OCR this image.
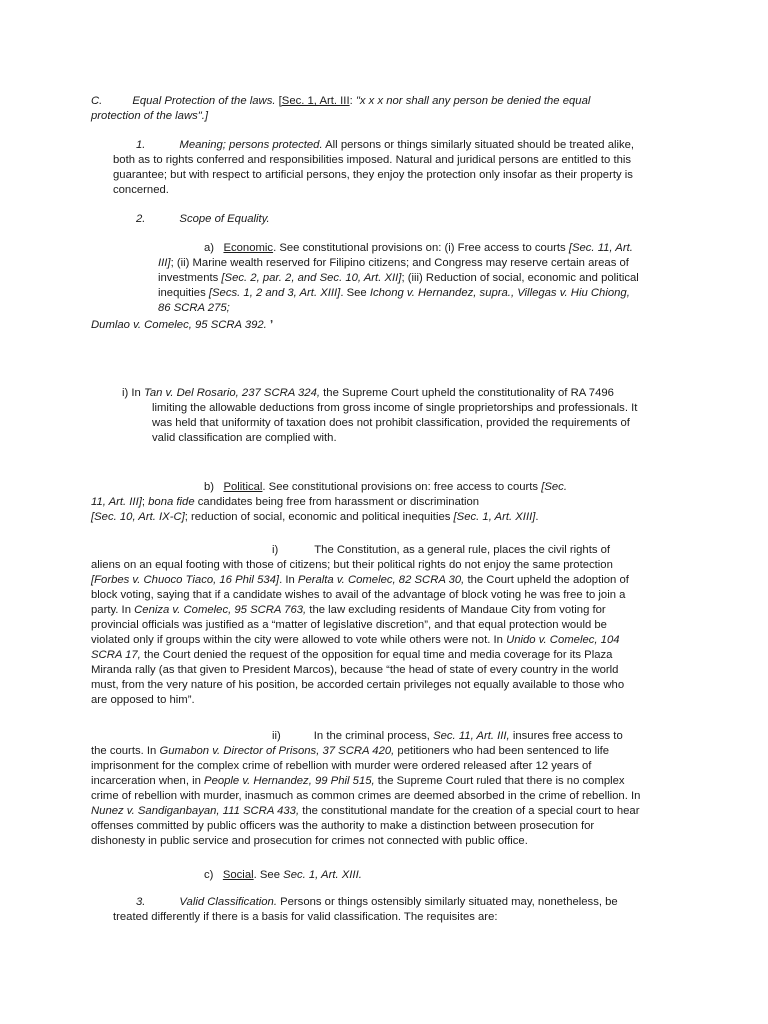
C.	Equal Protection of the laws. [Sec. 1, Art. III: "x x x nor shall any person be denied the equal
protection of the laws".]
1.	Meaning; persons protected. All persons or things similarly situated should be treated alike,
both as to rights conferred and responsibilities imposed. Natural and juridical persons are entitled to this
guarantee; but with respect to artificial persons, they enjoy the protection only insofar as their property is
concerned.
2.	Scope of Equality.
a) Economic. See constitutional provisions on: (i) Free access to courts [Sec. 11, Art.
III]; (ii) Marine wealth reserved for Filipino citizens; and Congress may reserve certain areas of
investments [Sec. 2, par. 2, and Sec. 10, Art. XII]; (iii) Reduction of social, economic and political
inequities [Secs. 1, 2 and 3, Art. XIII]. See Ichong v. Hernandez, supra., Villegas v. Hiu Chiong,
86 SCRA 275;
Dumlao v. Comelec, 95 SCRA 392. ʼ
i) In Tan v. Del Rosario, 237 SCRA 324, the Supreme Court upheld the constitutionality of RA 7496
limiting the allowable deductions from gross income of single proprietorships and professionals. It
was held that uniformity of taxation does not prohibit classification, provided the requirements of
valid classification are complied with.
b) Political. See constitutional provisions on: free access to courts [Sec.
11, Art. III]; bona fide candidates being free from harassment or discrimination
[Sec. 10, Art. IX-C]; reduction of social, economic and political inequities [Sec. 1, Art. XIII].
i)	The Constitution, as a general rule, places the civil rights of
aliens on an equal footing with those of citizens; but their political rights do not enjoy the same protection
[Forbes v. Chuoco Tiaco, 16 Phil 534]. In Peralta v. Comelec, 82 SCRA 30, the Court upheld the adoption of
block voting, saying that if a candidate wishes to avail of the advantage of block voting he was free to join a
party. In Ceniza v. Comelec, 95 SCRA 763, the law excluding residents of Mandaue City from voting for
provincial officials was justified as a “matter of legislative discretion”, and that equal protection would be
violated only if groups within the city were allowed to vote while others were not. In Unido v. Comelec, 104
SCRA 17, the Court denied the request of the opposition for equal time and media coverage for its Plaza
Miranda rally (as that given to President Marcos), because “the head of state of every country in the world
must, from the very nature of his position, be accorded certain privileges not equally available to those who
are opposed to him”.
ii)	In the criminal process, Sec. 11, Art. III, insures free access to
the courts. In Gumabon v. Director of Prisons, 37 SCRA 420, petitioners who had been sentenced to life
imprisonment for the complex crime of rebellion with murder were ordered released after 12 years of
incarceration when, in People v. Hernandez, 99 Phil 515, the Supreme Court ruled that there is no complex
crime of rebellion with murder, inasmuch as common crimes are deemed absorbed in the crime of rebellion. In
Nunez v. Sandiganbayan, 111 SCRA 433, the constitutional mandate for the creation of a special court to hear
offenses committed by public officers was the authority to make a distinction between prosecution for
dishonesty in public service and prosecution for crimes not connected with public office.
c) Social. See Sec. 1, Art. XIII.
3.	Valid Classification. Persons or things ostensibly similarly situated may, nonetheless, be
treated differently if there is a basis for valid classification. The requisites are:
